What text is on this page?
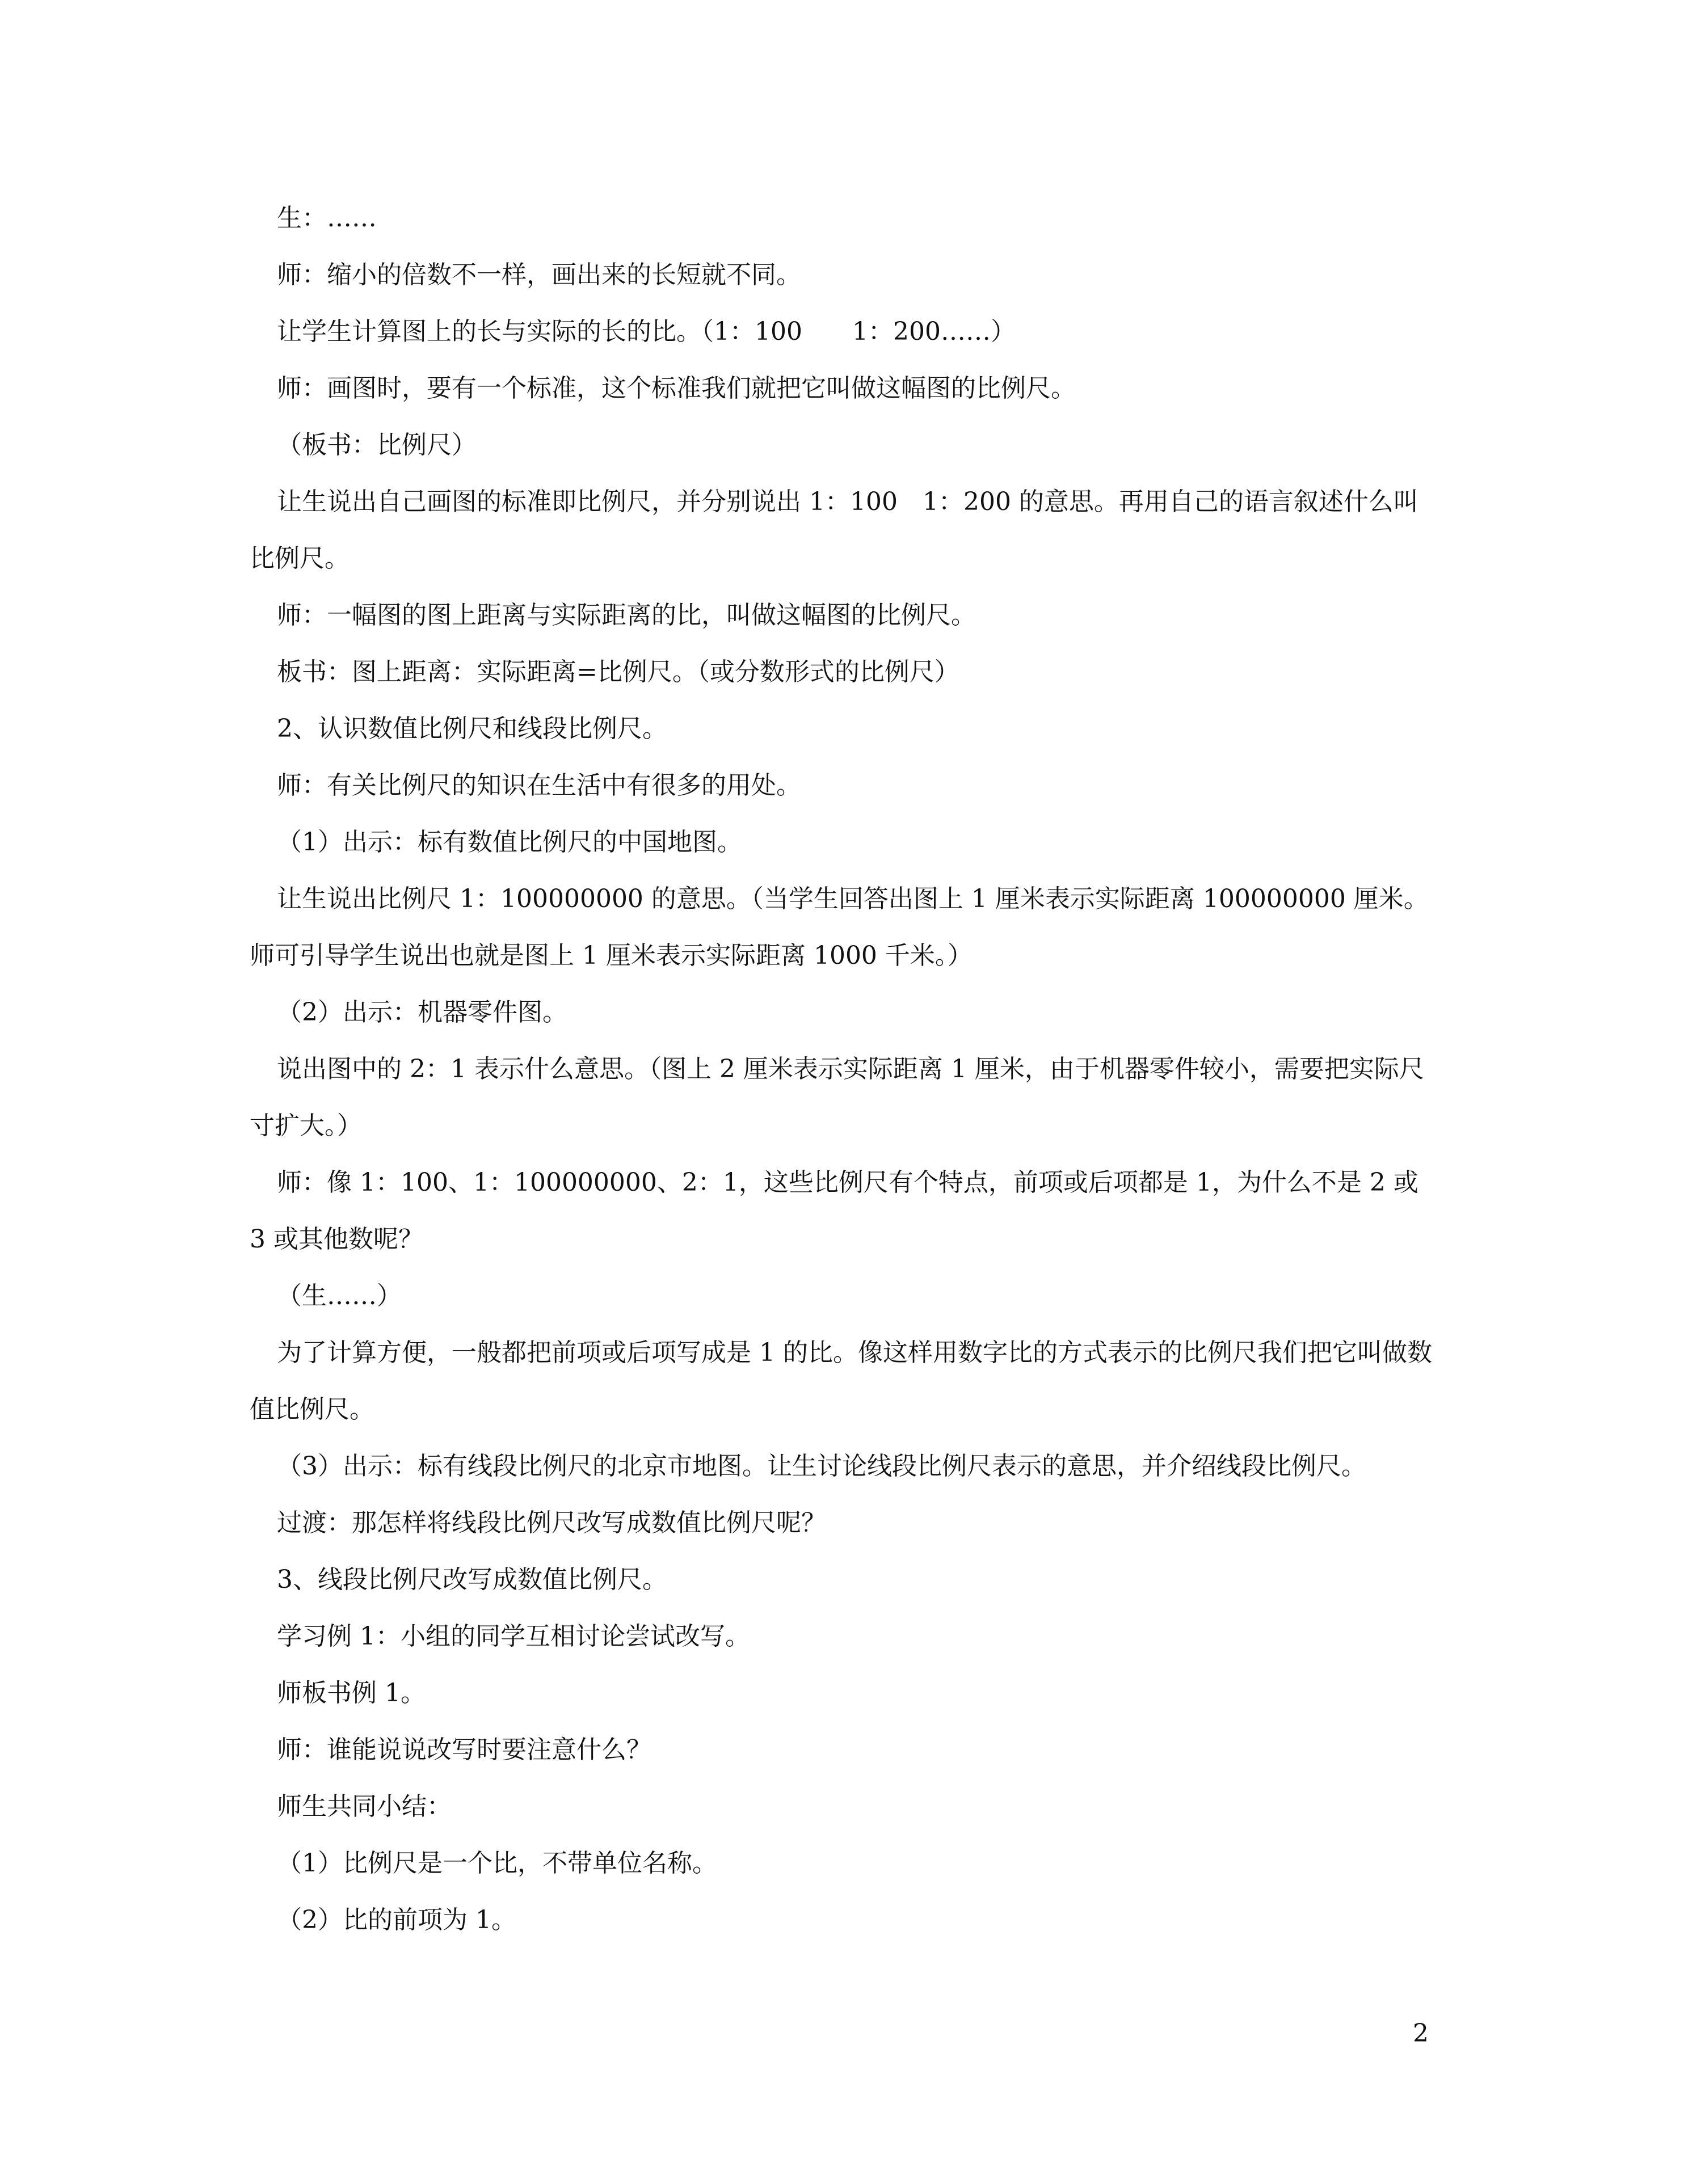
生：……

师：缩小的倍数不一样，画出来的长短就不同。

让学生计算图上的长与实际的长的比。（1：100　　1：200……）

师：画图时，要有一个标准，这个标准我们就把它叫做这幅图的比例尺。

（板书：比例尺）

让生说出自己画图的标准即比例尺，并分别说出 1：100　1：200 的意思。再用自己的语言叙述什么叫比例尺。

师：一幅图的图上距离与实际距离的比，叫做这幅图的比例尺。

板书：图上距离：实际距离=比例尺。（或分数形式的比例尺）

2、认识数值比例尺和线段比例尺。

师：有关比例尺的知识在生活中有很多的用处。

（1）出示：标有数值比例尺的中国地图。

让生说出比例尺 1：100000000 的意思。（当学生回答出图上 1 厘米表示实际距离 100000000 厘米。师可引导学生说出也就是图上 1 厘米表示实际距离 1000 千米。）

（2）出示：机器零件图。

说出图中的 2：1 表示什么意思。（图上 2 厘米表示实际距离 1 厘米，由于机器零件较小，需要把实际尺寸扩大。）

师：像 1：100、1：100000000、2：1，这些比例尺有个特点，前项或后项都是 1，为什么不是 2 或 3 或其他数呢？

（生……）

为了计算方便，一般都把前项或后项写成是 1 的比。像这样用数字比的方式表示的比例尺我们把它叫做数值比例尺。

（3）出示：标有线段比例尺的北京市地图。让生讨论线段比例尺表示的意思，并介绍线段比例尺。

过渡：那怎样将线段比例尺改写成数值比例尺呢？

3、线段比例尺改写成数值比例尺。

学习例 1：小组的同学互相讨论尝试改写。

师板书例 1。

师：谁能说说改写时要注意什么？

师生共同小结：

（1）比例尺是一个比，不带单位名称。

（2）比的前项为 1。

2
